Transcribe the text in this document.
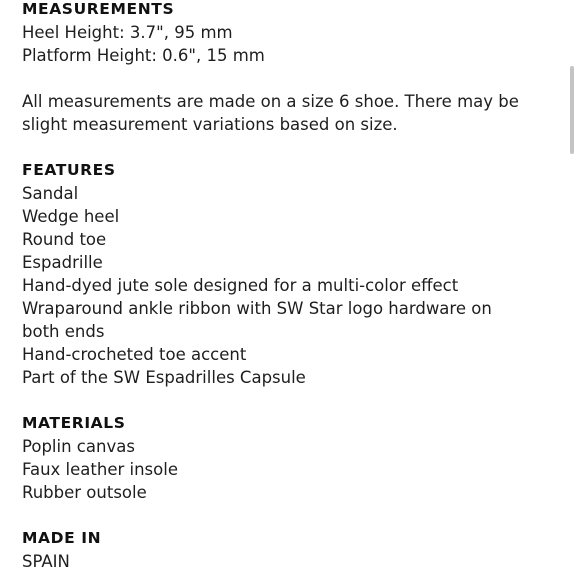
MEASUREMENTS

Heel Height: 3.7", 95 mm

Platform Height: 0.6", 15 mm

All measurements are made on a size 6 shoe. There may be

slight measurement variations based on size.

FEATURES

Sandal

Wedge heel

Round toe

Espadrille

Hand-dyed jute sole designed for a multi-color effect

Wraparound ankle ribbon with SW Star logo hardware on

both ends

Hand-crocheted toe accent

Part of the SW Espadrilles Capsule

MATERIALS

Poplin canvas

Faux leather insole

Rubber outsole

MADE IN

SPAIN
